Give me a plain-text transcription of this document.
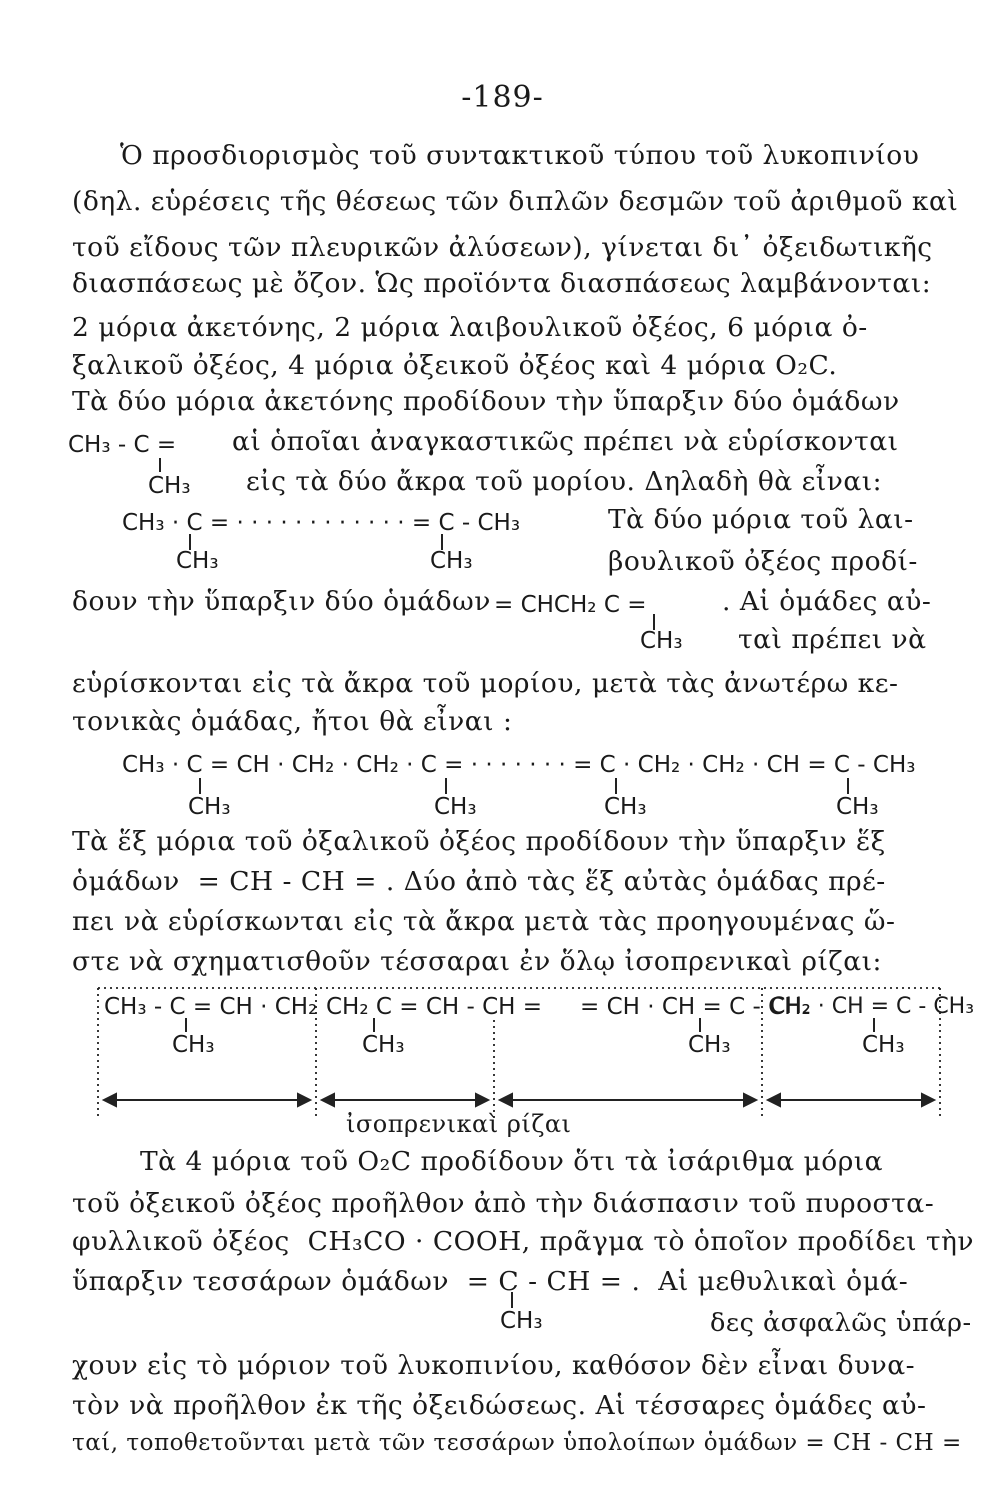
-189-
Ὁ προσδιορισμὸς τοῦ συντακτικοῦ τύπου τοῦ λυκοπινίου
(δηλ. εὑρέσεις τῆς θέσεως τῶν διπλῶν δεσμῶν τοῦ ἀριθμοῦ καὶ
τοῦ εἴδους τῶν πλευρικῶν ἀλύσεων), γίνεται δι᾽ ὀξειδωτικῆς
διασπάσεως μὲ ὄζον. Ὡς προϊόντα διασπάσεως λαμβάνονται:
2 μόρια ἀκετόνης, 2 μόρια λαιβουλικοῦ ὀξέος, 6 μόρια ὀ-
ξαλικοῦ ὀξέος, 4 μόρια ὀξεικοῦ ὀξέος καὶ 4 μόρια O₂C.
Τὰ δύο μόρια ἀκετόνης προδίδουν τὴν ὕπαρξιν δύο ὁμάδων
CH₃ - C = αἱ ὁποῖαι ἀναγκαστικῶς πρέπει νὰ εὑρίσκονται
CH₃ εἰς τὰ δύο ἄκρα τοῦ μορίου. Δηλαδὴ θὰ εἶναι:
CH₃ · C = · · · · · · · · · · · · = C - CH₃
CH₃	CH₃
Τὰ δύο μόρια τοῦ λαι-
βουλικοῦ ὀξέος προδί-
δουν τὴν ὕπαρξιν δύο ὁμάδων = CHCH₂ C =	. Αἱ ὁμάδες αὐ-
CH₃ ταὶ πρέπει νὰ
εὑρίσκονται εἰς τὰ ἄκρα τοῦ μορίου, μετὰ τὰς ἀνωτέρω κε-
τονικὰς ὁμάδας, ἤτοι θὰ εἶναι :
CH₃ · C = CH · CH₂ · CH₂ · C = · · · · · · · = C · CH₂ · CH₂ · CH = C - CH₃
CH₃	CH₃	CH₃	CH₃
Τὰ ἕξ μόρια τοῦ ὀξαλικοῦ ὀξέος προδίδουν τὴν ὕπαρξιν ἕξ
ὁμάδων  = CH - CH = . Δύο ἀπὸ τὰς ἕξ αὐτὰς ὁμάδας πρέ-
πει νὰ εὑρίσκωνται εἰς τὰ ἄκρα μετὰ τὰς προηγουμένας ὥ-
στε νὰ σχηματισθοῦν τέσσαραι ἐν ὅλῳ ἰσοπρενικαὶ ρίζαι:
CH₃ - C = CH · CH₂ CH₂ C = CH - CH = = CH · CH = C - CH₂
CH₂ · CH = C - CH₃
CH₃	CH₃	CH₃	CH₃
ἰσοπρενικαὶ ρίζαι
Τὰ 4 μόρια τοῦ O₂C προδίδουν ὅτι τὰ ἰσάριθμα μόρια
τοῦ ὀξεικοῦ ὀξέος προῆλθον ἀπὸ τὴν διάσπασιν τοῦ πυροστα-
φυλλικοῦ ὀξέος  CH₃CO · COOH, πρᾶγμα τὸ ὁποῖον προδίδει τὴν
ὕπαρξιν τεσσάρων ὁμάδων  = C - CH = .  Αἱ μεθυλικαὶ ὁμά-
CH₃	δες ἀσφαλῶς ὑπάρ-
χουν εἰς τὸ μόριον τοῦ λυκοπινίου, καθόσον δὲν εἶναι δυνα-
τὸν νὰ προῆλθον ἐκ τῆς ὀξειδώσεως. Αἱ τέσσαρες ὁμάδες αὐ-
ταί, τοποθετοῦνται μετὰ τῶν τεσσάρων ὑπολοίπων ὁμάδων = CH - CH =
